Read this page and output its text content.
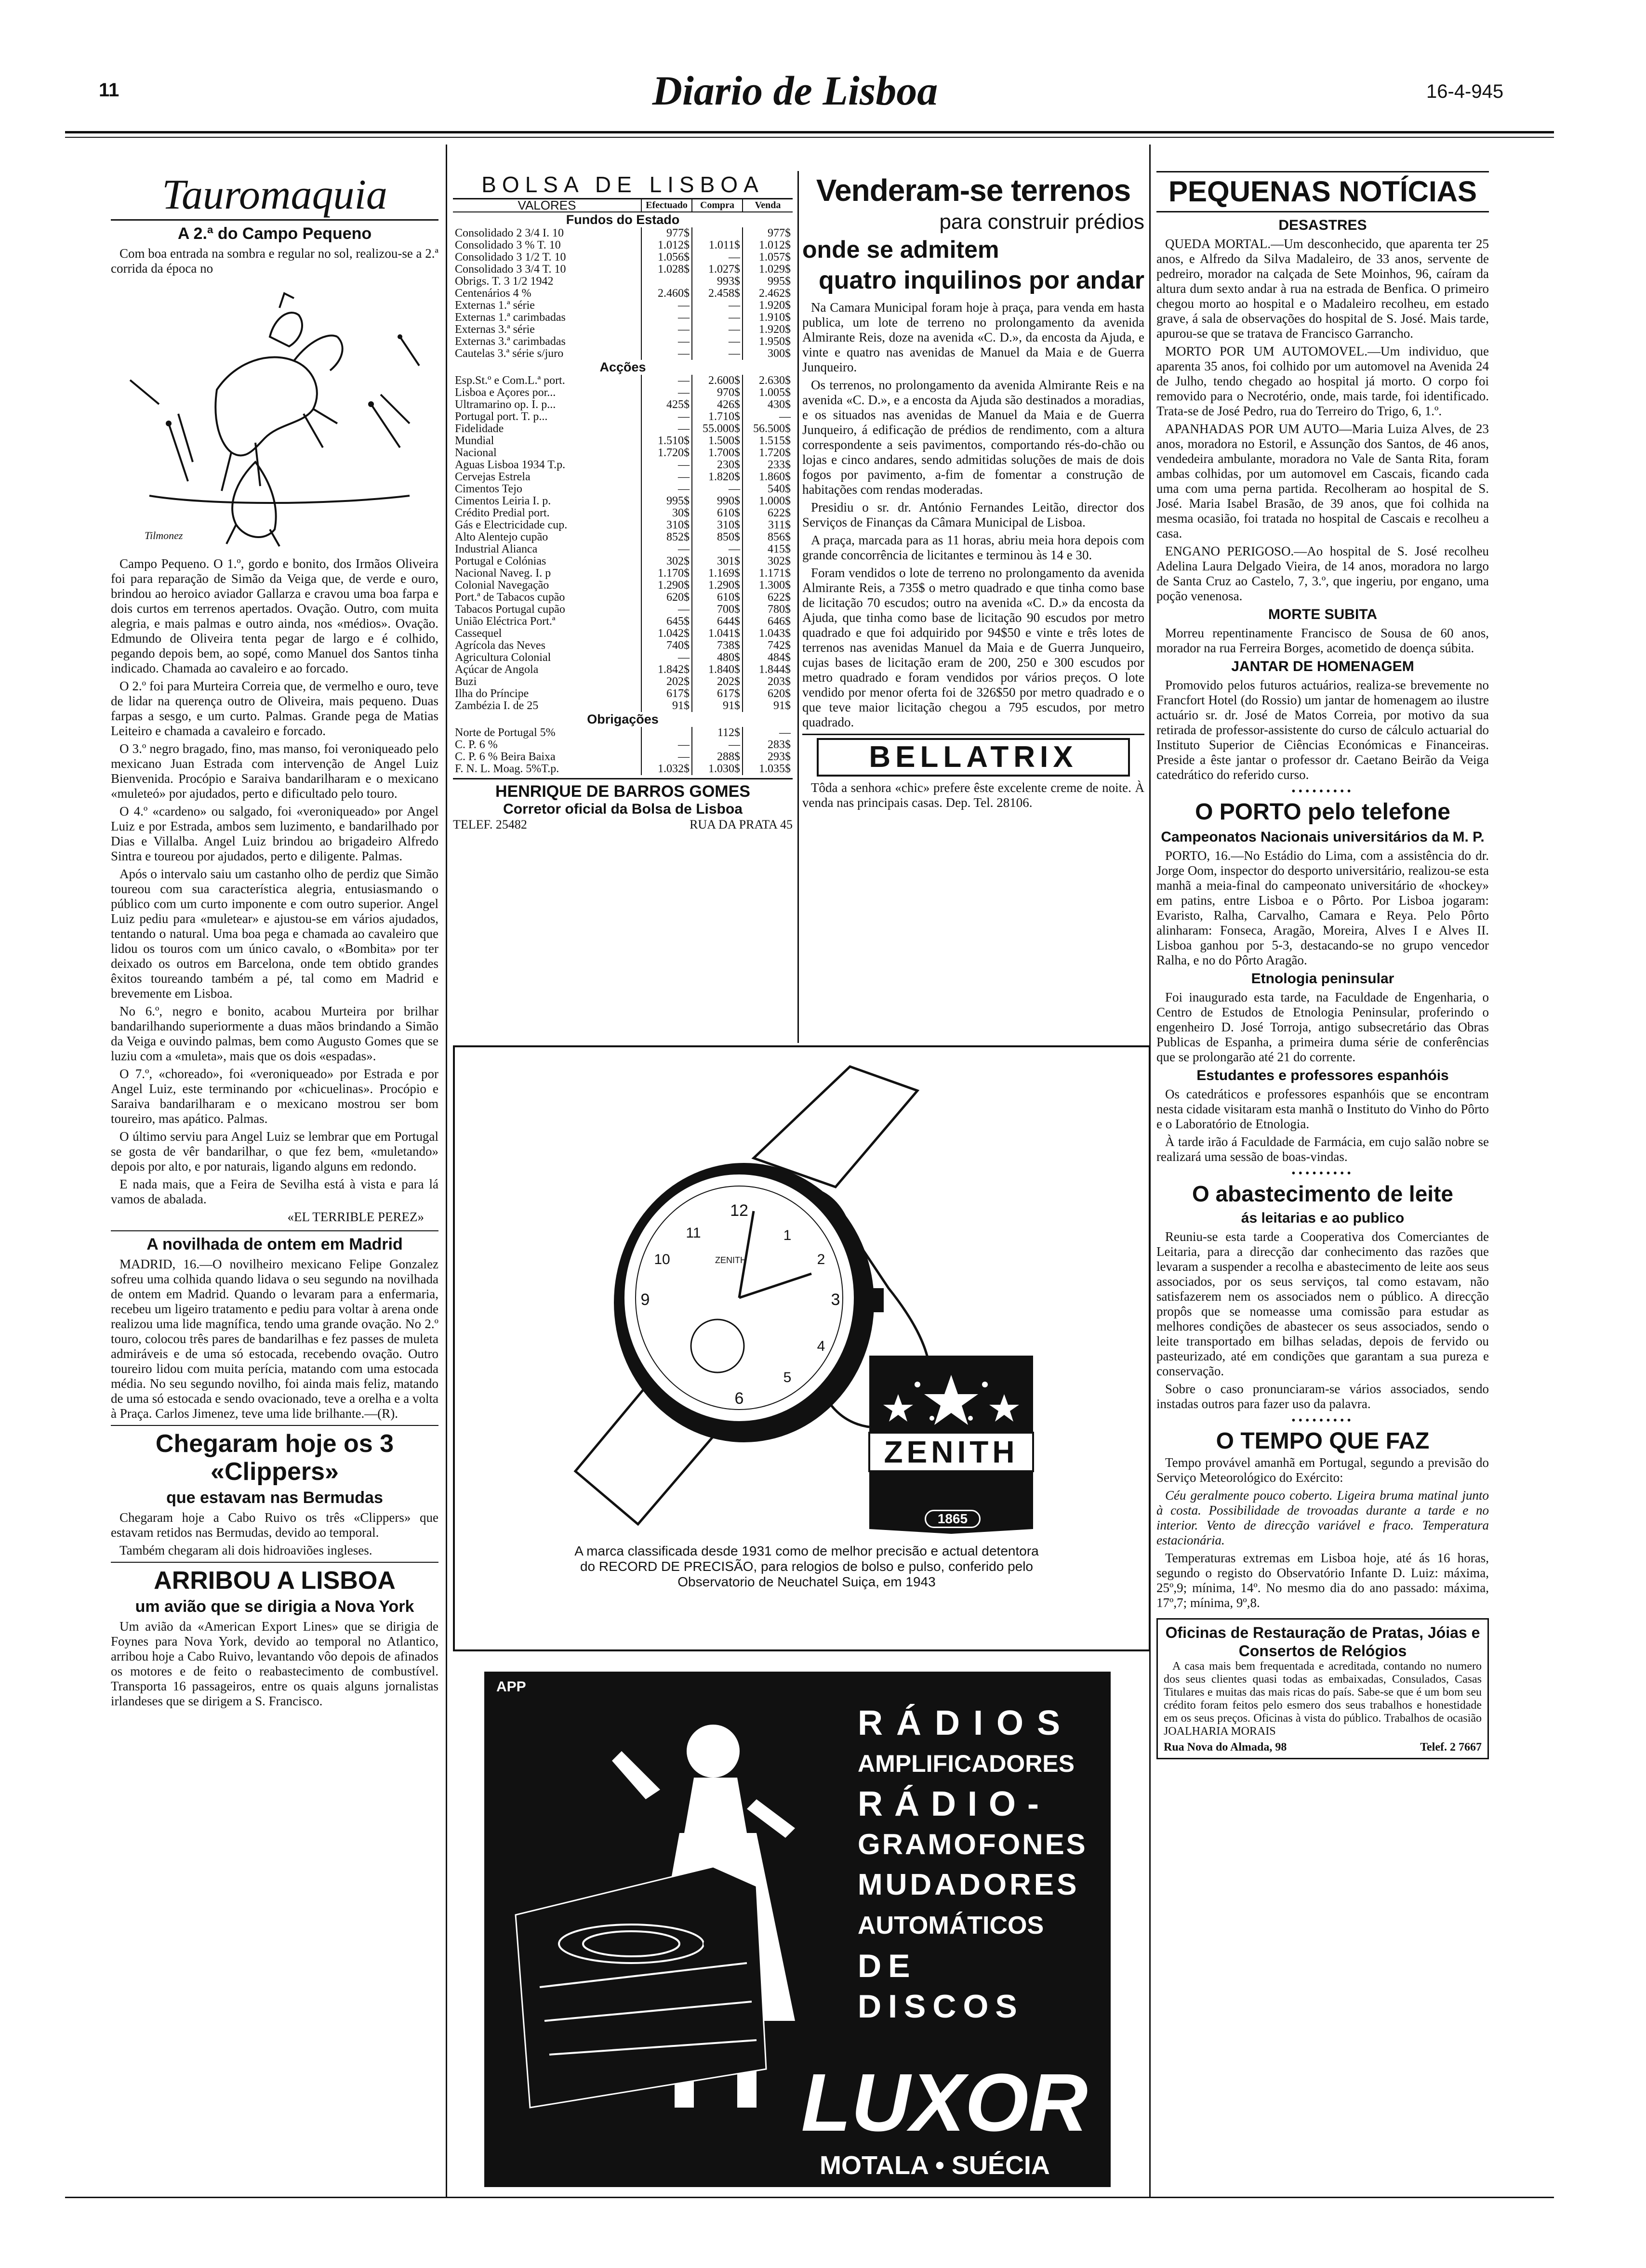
11	Diario de Lisboa	16-4-945
Tauromaquia
A 2.ª do Campo Pequeno

Com boa entrada na sombra e regular no sol, realizou-se a 2.ª corrida da época no

Tilmonez

Campo Pequeno. O 1.º, gordo e bonito, dos Irmãos Oliveira foi para reparação de Simão da Veiga que, de verde e ouro, brindou ao heroico aviador Gallarza e cravou uma boa farpa e dois curtos em terrenos apertados. Ovação. Outro, com muita alegria, e mais palmas e outro ainda, nos «médios». Ovação. Edmundo de Oliveira tenta pegar de largo e é colhido, pegando depois bem, ao sopé, como Manuel dos Santos tinha indicado. Chamada ao cavaleiro e ao forcado.

O 2.º foi para Murteira Correia que, de vermelho e ouro, teve de lidar na querença outro de Oliveira, mais pequeno. Duas farpas a sesgo, e um curto. Palmas. Grande pega de Matias Leiteiro e chamada a cavaleiro e forcado.

O 3.º negro bragado, fino, mas manso, foi veroniqueado pelo mexicano Juan Estrada com intervenção de Angel Luiz Bienvenida. Procópio e Saraiva bandarilharam e o mexicano «muleteó» por ajudados, perto e dificultado pelo touro.

O 4.º «cardeno» ou salgado, foi «veroniqueado» por Angel Luiz e por Estrada, ambos sem luzimento, e bandarilhado por Dias e Villalba. Angel Luiz brindou ao brigadeiro Alfredo Sintra e toureou por ajudados, perto e diligente. Palmas.

Após o intervalo saiu um castanho olho de perdiz que Simão toureou com sua característica alegria, entusiasmando o público com um curto imponente e com outro superior. Angel Luiz pediu para «muletear» e ajustou-se em vários ajudados, tentando o natural. Uma boa pega e chamada ao cavaleiro que lidou os touros com um único cavalo, o «Bombita» por ter deixado os outros em Barcelona, onde tem obtido grandes êxitos toureando também a pé, tal como em Madrid e brevemente em Lisboa.

No 6.º, negro e bonito, acabou Murteira por brilhar bandarilhando superiormente a duas mãos brindando a Simão da Veiga e ouvindo palmas, bem como Augusto Gomes que se luziu com a «muleta», mais que os dois «espadas».

O 7.º, «choreado», foi «veroniqueado» por Estrada e por Angel Luiz, este terminando por «chicuelinas». Procópio e Saraiva bandarilharam e o mexicano mostrou ser bom toureiro, mas apático. Palmas.

O último serviu para Angel Luiz se lembrar que em Portugal se gosta de vêr bandarilhar, o que fez bem, «muletando» depois por alto, e por naturais, ligando alguns em redondo.

E nada mais, que a Feira de Sevilha está à vista e para lá vamos de abalada.

«EL TERRIBLE PEREZ»
A novilhada de ontem em Madrid

MADRID, 16.—O novilheiro mexicano Felipe Gonzalez sofreu uma colhida quando lidava o seu segundo na novilhada de ontem em Madrid. Quando o levaram para a enfermaria, recebeu um ligeiro tratamento e pediu para voltar à arena onde realizou uma lide magnífica, tendo uma grande ovação. No 2.º touro, colocou três pares de bandarilhas e fez passes de muleta admiráveis e de uma só estocada, recebendo ovação. Outro toureiro lidou com muita perícia, matando com uma estocada média. No seu segundo novilho, foi ainda mais feliz, matando de uma só estocada e sendo ovacionado, teve a orelha e a volta à Praça. Carlos Jimenez, teve uma lide brilhante.—(R).

Chegaram hoje os 3 «Clippers»
que estavam nas Bermudas

Chegaram hoje a Cabo Ruivo os três «Clippers» que estavam retidos nas Bermudas, devido ao temporal.

Também chegaram ali dois hidroaviões ingleses.

ARRIBOU A LISBOA
um avião que se dirigia a Nova York

Um avião da «American Export Lines» que se dirigia de Foynes para Nova York, devido ao temporal no Atlantico, arribou hoje a Cabo Ruivo, levantando vôo depois de afinados os motores e de feito o reabastecimento de combustível. Transporta 16 passageiros, entre os quais alguns jornalistas irlandeses que se dirigem a S. Francisco.

BOLSA DE LISBOA
VALORES	Efectuado	Compra	Venda
Fundos do Estado			
Consolidado 2 3/4 I. 10	977$		977$
Consolidado 3 % T. 10	1.012$	1.011$	1.012$
Consolidado 3 1/2 T. 10	1.056$	—	1.057$
Consolidado 3 3/4 T. 10	1.028$	1.027$	1.029$
Obrigs. T. 3 1/2 1942		993$	995$
Centenários 4 %	2.460$	2.458$	2.462$
Externas 1.ª série	—	—	1.920$
Externas 1.ª carimbadas	—	—	1.910$
Externas 3.ª série	—	—	1.920$
Externas 3.ª carimbadas	—	—	1.950$
Cautelas 3.ª série s/juro	—	—	300$
Acções			
Esp.St.º e Com.L.ª port.	—	2.600$	2.630$
Lisboa e Açores por...	—	970$	1.005$
Ultramarino op. I. p...	425$	426$	430$
Portugal port. T. p...	—	1.710$	—
Fidelidade	—	55.000$	56.500$
Mundial	1.510$	1.500$	1.515$
Nacional	1.720$	1.700$	1.720$
Aguas Lisboa 1934 T.p.	—	230$	233$
Cervejas Estrela	—	1.820$	1.860$
Cimentos Tejo	—	—	540$
Cimentos Leiria I. p.	995$	990$	1.000$
Crédito Predial port.	30$	610$	622$
Gás e Electricidade cup.	310$	310$	311$
Alto Alentejo cupão	852$	850$	856$
Industrial Alianca	—	—	415$
Portugal e Colónias	302$	301$	302$
Nacional Naveg. I. p	1.170$	1.169$	1.171$
Colonial Navegação	1.290$	1.290$	1.300$
Port.ª de Tabacos cupão	620$	610$	622$
Tabacos Portugal cupão	—	700$	780$
União Eléctrica Port.ª	645$	644$	646$
Cassequel	1.042$	1.041$	1.043$
Agrícola das Neves	740$	738$	742$
Agricultura Colonial	—	480$	484$
Açúcar de Angola	1.842$	1.840$	1.844$
Buzi	202$	202$	203$
Ilha do Príncipe	617$	617$	620$
Zambézia I. de 25	91$	91$	91$
Obrigações			
Norte de Portugal 5%		112$	—
C. P. 6 %	—	—	283$
C. P. 6 % Beira Baixa	—	288$	293$
F. N. L. Moag. 5%T.p.	1.032$	1.030$	1.035$
HENRIQUE DE BARROS GOMES
Corretor oficial da Bolsa de Lisboa
TELEF. 25482	RUA DA PRATA 45
Venderam-se terrenos
para construir prédios
onde se admitem
quatro inquilinos por andar

Na Camara Municipal foram hoje à praça, para venda em hasta publica, um lote de terreno no prolongamento da avenida Almirante Reis, doze na avenida «C. D.», da encosta da Ajuda, e vinte e quatro nas avenidas de Manuel da Maia e de Guerra Junqueiro.

Os terrenos, no prolongamento da avenida Almirante Reis e na avenida «C. D.», e a encosta da Ajuda são destinados a moradias, e os situados nas avenidas de Manuel da Maia e de Guerra Junqueiro, á edificação de prédios de rendimento, com a altura correspondente a seis pavimentos, comportando rés-do-chão ou lojas e cinco andares, sendo admitidas soluções de mais de dois fogos por pavimento, a-fim de fomentar a construção de habitações com rendas moderadas.

Presidiu o sr. dr. António Fernandes Leitão, director dos Serviços de Finanças da Câmara Municipal de Lisboa.

A praça, marcada para as 11 horas, abriu meia hora depois com grande concorrência de licitantes e terminou às 14 e 30.

Foram vendidos o lote de terreno no prolongamento da avenida Almirante Reis, a 735$ o metro quadrado e que tinha como base de licitação 70 escudos; outro na avenida «C. D.» da encosta da Ajuda, que tinha como base de licitação 90 escudos por metro quadrado e que foi adquirido por 94$50 e vinte e três lotes de terrenos nas avenidas Manuel da Maia e de Guerra Junqueiro, cujas bases de licitação eram de 200, 250 e 300 escudos por metro quadrado e foram vendidos por vários preços. O lote vendido por menor oferta foi de 326$50 por metro quadrado e o que teve maior licitação chegou a 795 escudos, por metro quadrado.

BELLATRIX

Tôda a senhora «chic» prefere êste excelente creme de noite. À venda nas principais casas. Dep. Tel. 28106.

12
3
9
6
1
2
4
5
10
11
ZENITH
ZENITH
1865
A marca classificada desde 1931 como de melhor precisão e actual detentora do RECORD DE PRECISÃO, para relogios de bolso e pulso, conferido pelo Observatorio de Neuchatel Suiça, em 1943
APP
RÁDIOS
AMPLIFICADORES
RÁDIO-
GRAMOFONES
MUDADORES
AUTOMÁTICOS
DE DISCOS
LUXOR
MOTALA • SUÉCIA
PEQUENAS NOTÍCIAS
DESASTRES

QUEDA MORTAL.—Um desconhecido, que aparenta ter 25 anos, e Alfredo da Silva Madaleiro, de 33 anos, servente de pedreiro, morador na calçada de Sete Moinhos, 96, caíram da altura dum sexto andar à rua na estrada de Benfica. O primeiro chegou morto ao hospital e o Madaleiro recolheu, em estado grave, á sala de observações do hospital de S. José. Mais tarde, apurou-se que se tratava de Francisco Garrancho.

MORTO POR UM AUTOMOVEL.—Um individuo, que aparenta 35 anos, foi colhido por um automovel na Avenida 24 de Julho, tendo chegado ao hospital já morto. O corpo foi removido para o Necrotério, onde, mais tarde, foi identificado. Trata-se de José Pedro, rua do Terreiro do Trigo, 6, 1.º.

APANHADAS POR UM AUTO—Maria Luiza Alves, de 23 anos, moradora no Estoril, e Assunção dos Santos, de 46 anos, vendedeira ambulante, moradora no Vale de Santa Rita, foram ambas colhidas, por um automovel em Cascais, ficando cada uma com uma perna partida. Recolheram ao hospital de S. José. Maria Isabel Brasão, de 39 anos, que foi colhida na mesma ocasião, foi tratada no hospital de Cascais e recolheu a casa.

ENGANO PERIGOSO.—Ao hospital de S. José recolheu Adelina Laura Delgado Vieira, de 14 anos, moradora no largo de Santa Cruz ao Castelo, 7, 3.º, que ingeriu, por engano, uma poção venenosa.

MORTE SUBITA

Morreu repentinamente Francisco de Sousa de 60 anos, morador na rua Ferreira Borges, acometido de doença súbita.

JANTAR DE HOMENAGEM

Promovido pelos futuros actuários, realiza-se brevemente no Francfort Hotel (do Rossio) um jantar de homenagem ao ilustre actuário sr. dr. José de Matos Correia, por motivo da sua retirada de professor-assistente do curso de cálculo actuarial do Instituto Superior de Ciências Económicas e Financeiras. Preside a êste jantar o professor dr. Caetano Beirão da Veiga catedrático do referido curso.

•••••••••
O PORTO pelo telefone
Campeonatos Nacionais universitários da M. P.

PORTO, 16.—No Estádio do Lima, com a assistência do dr. Jorge Oom, inspector do desporto universitário, realizou-se esta manhã a meia-final do campeonato universitário de «hockey» em patins, entre Lisboa e o Pôrto. Por Lisboa jogaram: Evaristo, Ralha, Carvalho, Camara e Reya. Pelo Pôrto alinharam: Fonseca, Aragão, Moreira, Alves I e Alves II. Lisboa ganhou por 5-3, destacando-se no grupo vencedor Ralha, e no do Pôrto Aragão.

Etnologia peninsular

Foi inaugurado esta tarde, na Faculdade de Engenharia, o Centro de Estudos de Etnologia Peninsular, proferindo o engenheiro D. José Torroja, antigo subsecretário das Obras Publicas de Espanha, a primeira duma série de conferências que se prolongarão até 21 do corrente.

Estudantes e professores espanhóis

Os catedráticos e professores espanhóis que se encontram nesta cidade visitaram esta manhã o Instituto do Vinho do Pôrto e o Laboratório de Etnologia.

À tarde irão á Faculdade de Farmácia, em cujo salão nobre se realizará uma sessão de boas-vindas.

•••••••••
O abastecimento de leite
ás leitarias e ao publico

Reuniu-se esta tarde a Cooperativa dos Comerciantes de Leitaria, para a direcção dar conhecimento das razões que levaram a suspender a recolha e abastecimento de leite aos seus associados, por os seus serviços, tal como estavam, não satisfazerem nem os associados nem o público. A direcção propôs que se nomeasse uma comissão para estudar as melhores condições de abastecer os seus associados, sendo o leite transportado em bilhas seladas, depois de fervido ou pasteurizado, até em condições que garantam a sua pureza e conservação.

Sobre o caso pronunciaram-se vários associados, sendo instadas outros para fazer uso da palavra.

•••••••••
O TEMPO QUE FAZ

Tempo provável amanhã em Portugal, segundo a previsão do Serviço Meteorológico do Exército:

Céu geralmente pouco coberto. Ligeira bruma matinal junto à costa. Possibilidade de trovoadas durante a tarde e no interior. Vento de direcção variável e fraco. Temperatura estacionária.

Temperaturas extremas em Lisboa hoje, até ás 16 horas, segundo o registo do Observatório Infante D. Luiz: máxima, 25º,9; mínima, 14º. No mesmo dia do ano passado: máxima, 17º,7; mínima, 9º,8.

Oficinas de Restauração de Pratas, Jóias e Consertos de Relógios

A casa mais bem frequentada e acreditada, contando no numero dos seus clientes quasi todas as embaixadas, Consulados, Casas Titulares e muitas das mais ricas do país. Sabe-se que é um bom seu crédito foram feitos pelo esmero dos seus trabalhos e honestidade em os seus preços. Oficinas à vista do público. Trabalhos de ocasião JOALHARIA MORAIS

Rua Nova do Almada, 98	Telef. 2 7667
